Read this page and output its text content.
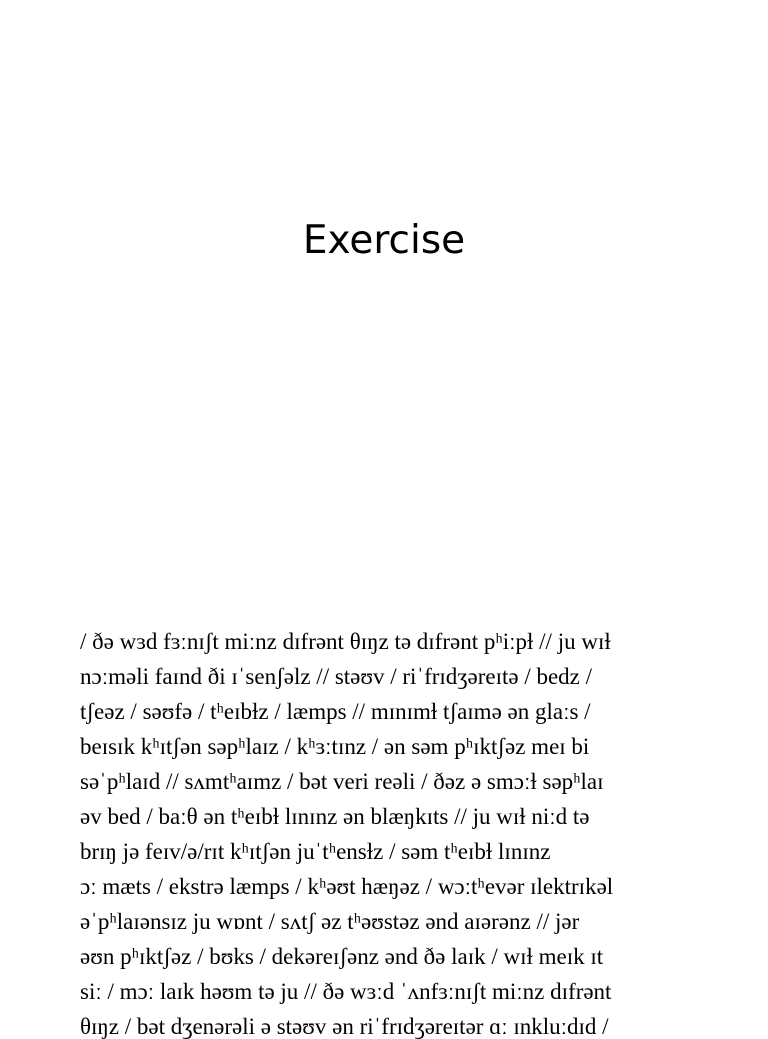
Exercise
/ ðə wɜd fɜːnɪʃt miːnz dɪfrənt θɪŋz tə dɪfrənt pʰiːpɫ // ju wɪɫ
nɔːməli faɪnd ði ɪˈsenʃəlz // stəʊv / riˈfrɪdʒəreɪtə / bedz /
tʃeəz / səʊfə / tʰeɪbɫz / læmps // mɪnɪmɫ tʃaɪmə ən glaːs /
beɪsɪk kʰɪtʃən səpʰlaɪz / kʰɜːtɪnz / ən səm pʰɪktʃəz meɪ bi
səˈpʰlaɪd // sʌmtʰaɪmz / bət veri reəli / ðəz ə smɔːɫ səpʰlaɪ
əv bed / baːθ ən tʰeɪbɫ lɪnɪnz ən blæŋkɪts // ju wɪɫ niːd tə
brɪŋ jə feɪv/ə/rɪt kʰɪtʃən juˈtʰensɫz / səm tʰeɪbɫ lɪnɪnz
ɔː mæts / ekstrə læmps / kʰəʊt hæŋəz / wɔːtʰevər ɪlektrɪkəl
əˈpʰlaɪənsɪz ju wɒnt / sʌtʃ əz tʰəʊstəz ənd aɪərənz // jər
əʊn pʰɪktʃəz / bʊks / dekəreɪʃənz ənd ðə laɪk / wɪɫ meɪk ɪt
siː / mɔː laɪk həʊm tə ju // ðə wɜːd ˈʌnfɜːnɪʃt miːnz dɪfrənt
θɪŋz / bət dʒenərəli ə stəʊv ən riˈfrɪdʒəreɪtər ɑː ɪnkluːdɪd /
